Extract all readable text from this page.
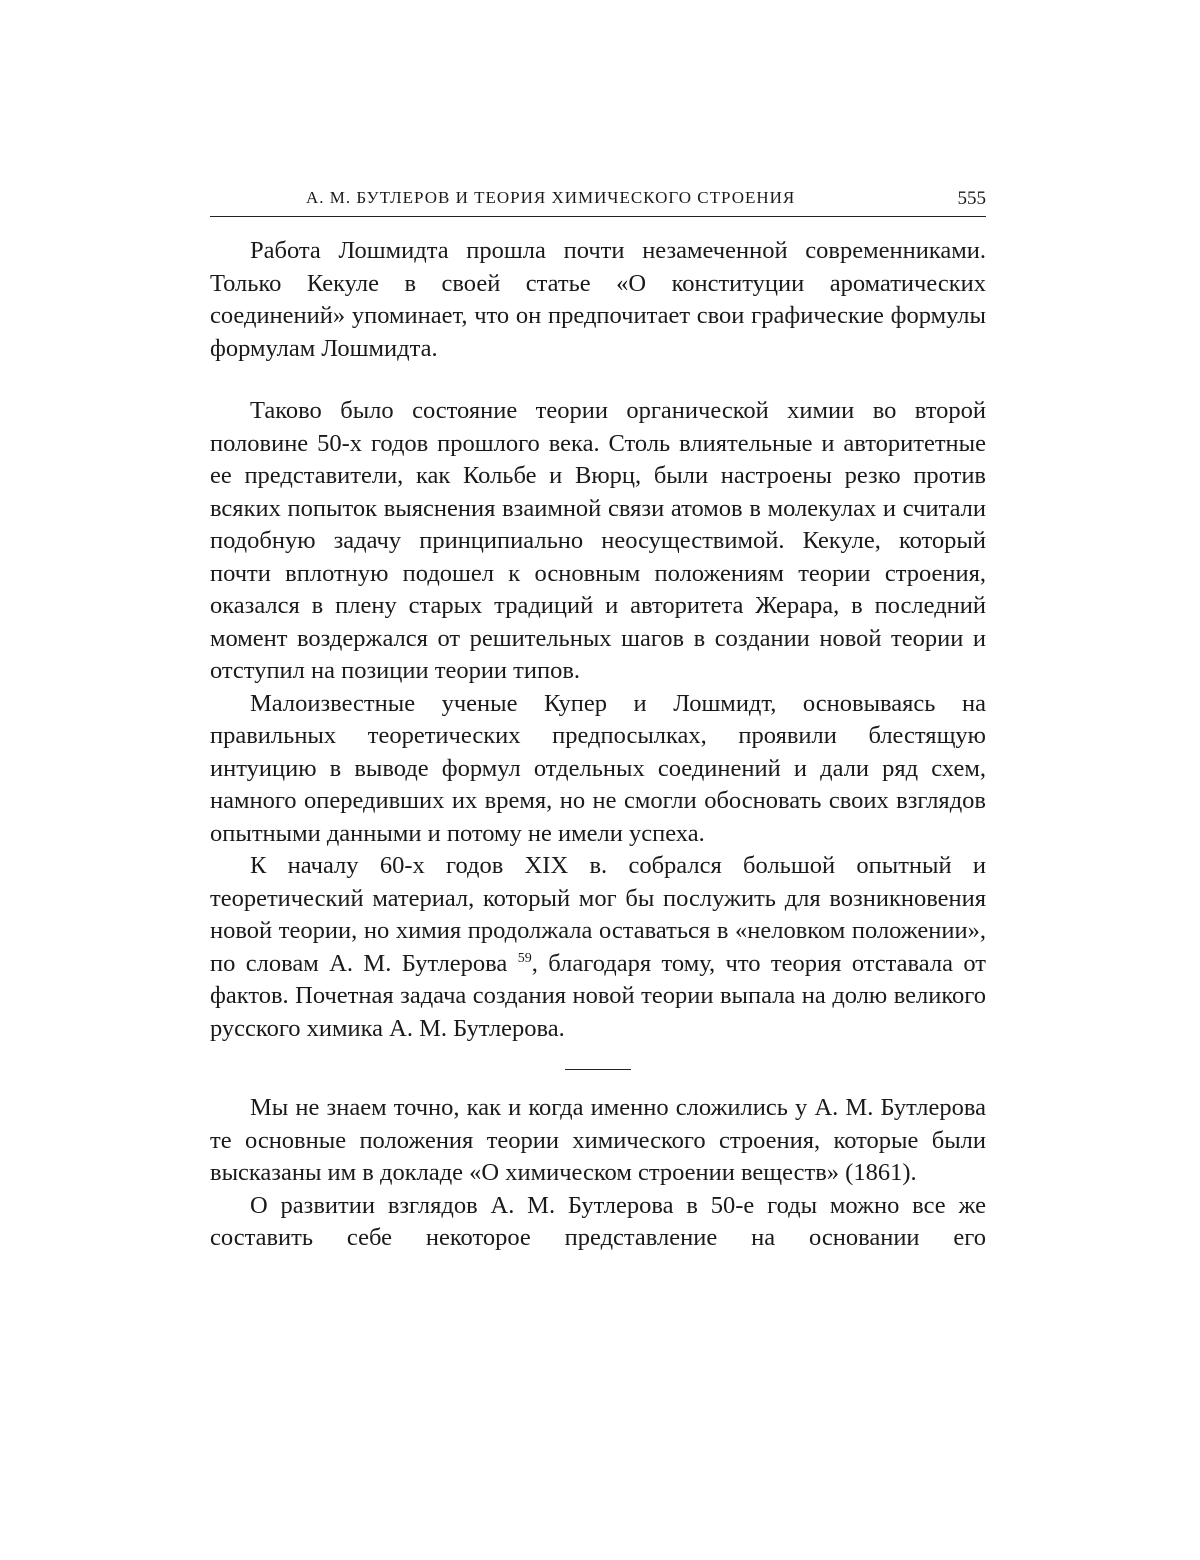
А. М. БУТЛЕРОВ И ТЕОРИЯ ХИМИЧЕСКОГО СТРОЕНИЯ	555

Работа Лошмидта прошла почти незамеченной современниками. Только Кекуле в своей статье «О конституции ароматических соединений» упоминает, что он предпочитает свои графические формулы формулам Лошмидта.

Таково было состояние теории органической химии во второй половине 50-х годов прошлого века. Столь влиятельные и авторитетные ее представители, как Кольбе и Вюрц, были настроены резко против всяких попыток выяснения взаимной связи атомов в молекулах и считали подобную задачу принципиально неосуществимой. Кекуле, который почти вплотную подошел к основным положениям теории строения, оказался в плену старых традиций и авторитета Жерара, в последний момент воздержался от решительных шагов в создании новой теории и отступил на позиции теории типов.

Малоизвестные ученые Купер и Лошмидт, основываясь на правильных теоретических предпосылках, проявили блестящую интуицию в выводе формул отдельных соединений и дали ряд схем, намного опередивших их время, но не смогли обосновать своих взглядов опытными данными и потому не имели успеха.

К началу 60-х годов XIX в. собрался большой опытный и теоретический материал, который мог бы послужить для возникновения новой теории, но химия продолжала оставаться в «неловком положении», по словам А. М. Бутлерова $^{59}$, благодаря тому, что теория отставала от фактов. Почетная задача создания новой теории выпала на долю великого русского химика А. М. Бутлерова.

Мы не знаем точно, как и когда именно сложились у А. М. Бутлерова те основные положения теории химического строения, которые были высказаны им в докладе «О химическом строении веществ» (1861).

О развитии взглядов А. М. Бутлерова в 50-е годы можно все же составить себе некоторое представление на основании его
